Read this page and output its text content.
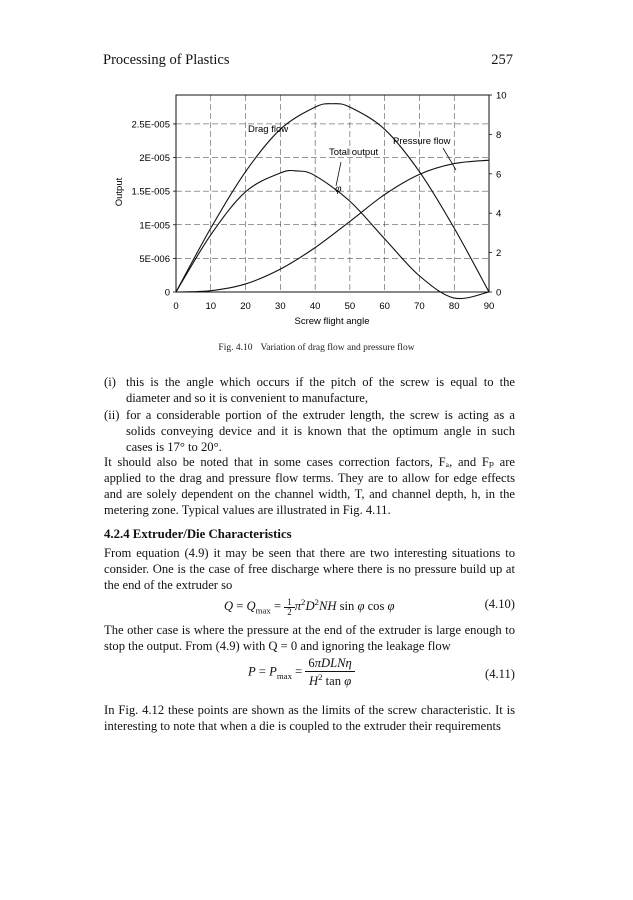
Processing of Plastics	257
0	10	20	30	40	50	60	70	80	90
0
5E-006
1E-005
1.5E-005
2E-005
2.5E-005
0
2
4
6
8
10
Screw flight angle
Output
Drag flow
Total output
Pressure flow
φ
Fig. 4.10 Variation of drag flow and pressure flow
(i) this is the angle which occurs if the pitch of the screw is equal to the diameter and so it is convenient to manufacture,
(ii) for a considerable portion of the extruder length, the screw is acting as a solids conveying device and it is known that the optimum angle in such cases is 17° to 20°.

It should also be noted that in some cases correction factors, Fₐ, and Fₚ are applied to the drag and pressure flow terms. They are to allow for edge effects and are solely dependent on the channel width, T, and channel depth, h, in the metering zone. Typical values are illustrated in Fig. 4.11.

4.2.4 Extruder/Die Characteristics

From equation (4.9) it may be seen that there are two interesting situations to consider. One is the case of free discharge where there is no pressure build up at the end of the extruder so

$Q = Q_{max} = \frac{1}{2} \pi^2D^2NH$ sin φ cos φ	(4.10)

The other case is where the pressure at the end of the extruder is large enough to stop the output. From (4.9) with Q = 0 and ignoring the leakage flow

$P = P_{max} = \frac{\text{6πDLNη}}{H^2 \tan \varphi}$	(4.11)

In Fig. 4.12 these points are shown as the limits of the screw characteristic. It is interesting to note that when a die is coupled to the extruder their requirements
